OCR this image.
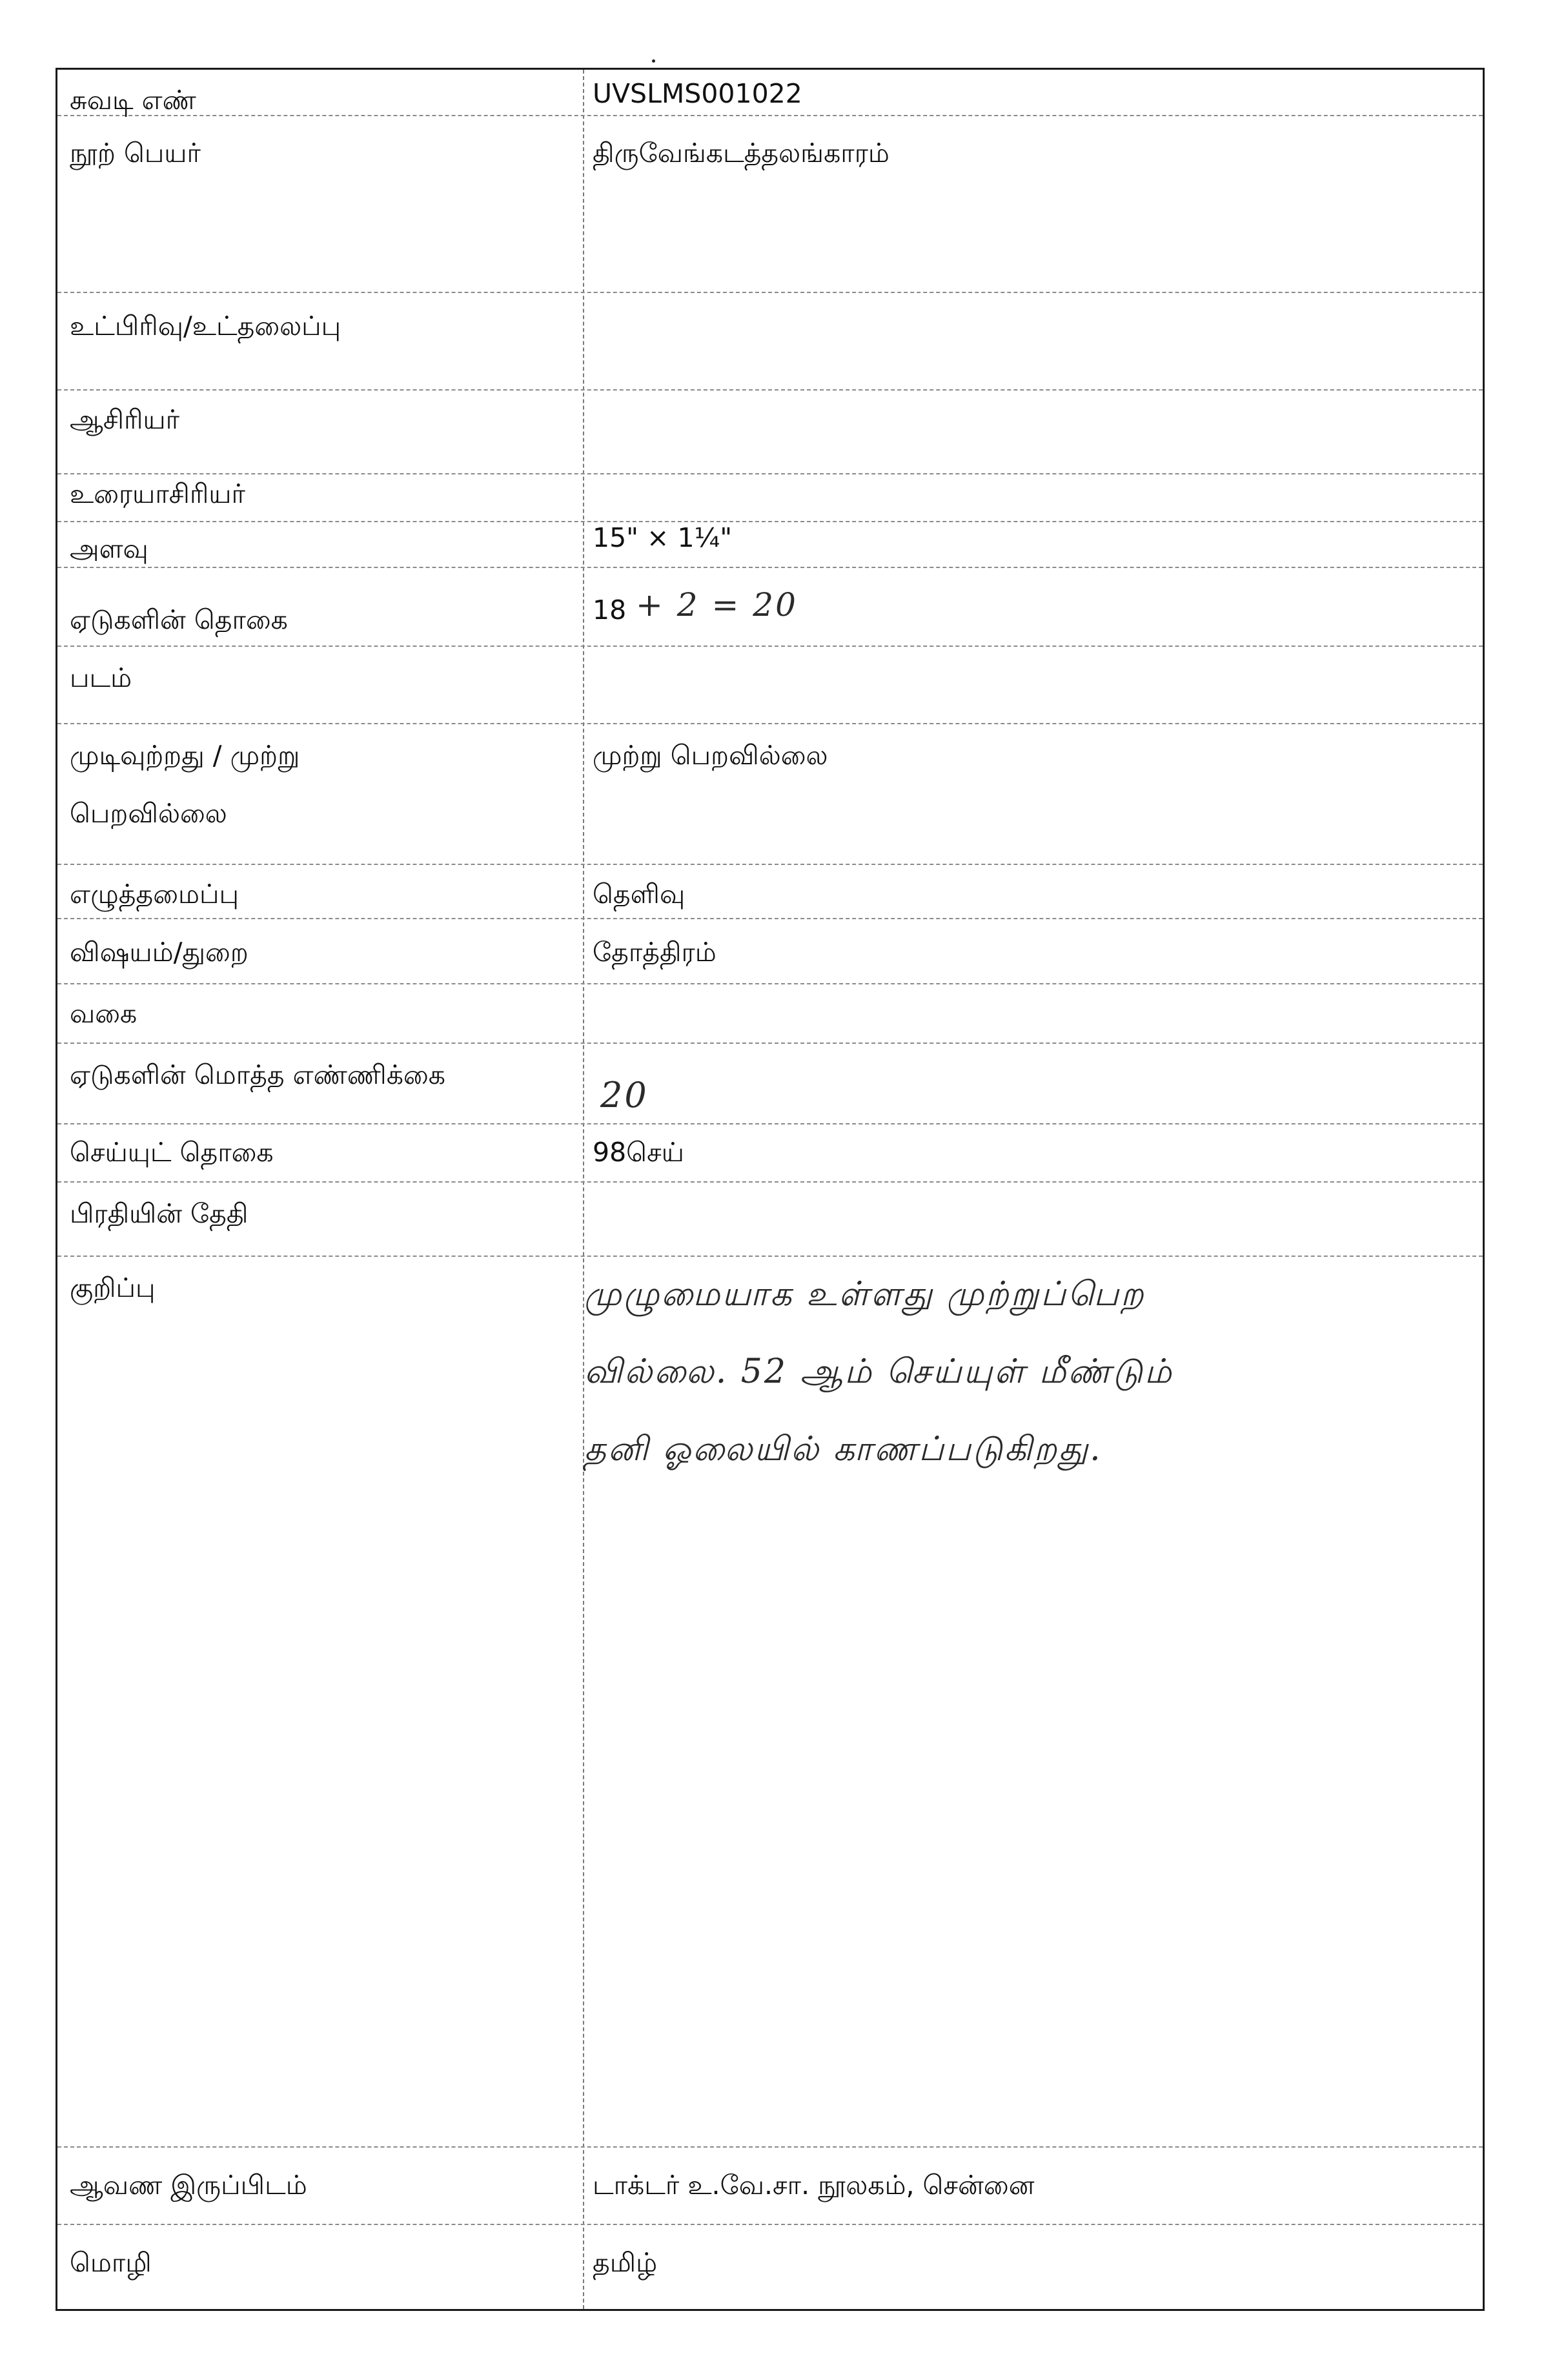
சுவடி எண்
நூற் பெயர்
உட்பிரிவு/உட்தலைப்பு
ஆசிரியர்
உரையாசிரியர்
அளவு
ஏடுகளின் தொகை
படம்
முடிவுற்றது / முற்று
பெறவில்லை
எழுத்தமைப்பு
விஷயம்/துறை
வகை
ஏடுகளின் மொத்த எண்ணிக்கை
செய்யுட் தொகை
பிரதியின் தேதி
குறிப்பு
ஆவண இருப்பிடம்
மொழி
UVSLMS001022
திருவேங்கடத்தலங்காரம்
15" × 1¼"
18 + 2 = 20
முற்று பெறவில்லை
தெளிவு
தோத்திரம்
20
98செய்
முழுமையாக உள்ளது முற்றுப்பெற
வில்லை. 52 ஆம் செய்யுள் மீண்டும்
தனி ஓலையில் காணப்படுகிறது.
டாக்டர் உ.வே.சா. நூலகம், சென்னை
தமிழ்
